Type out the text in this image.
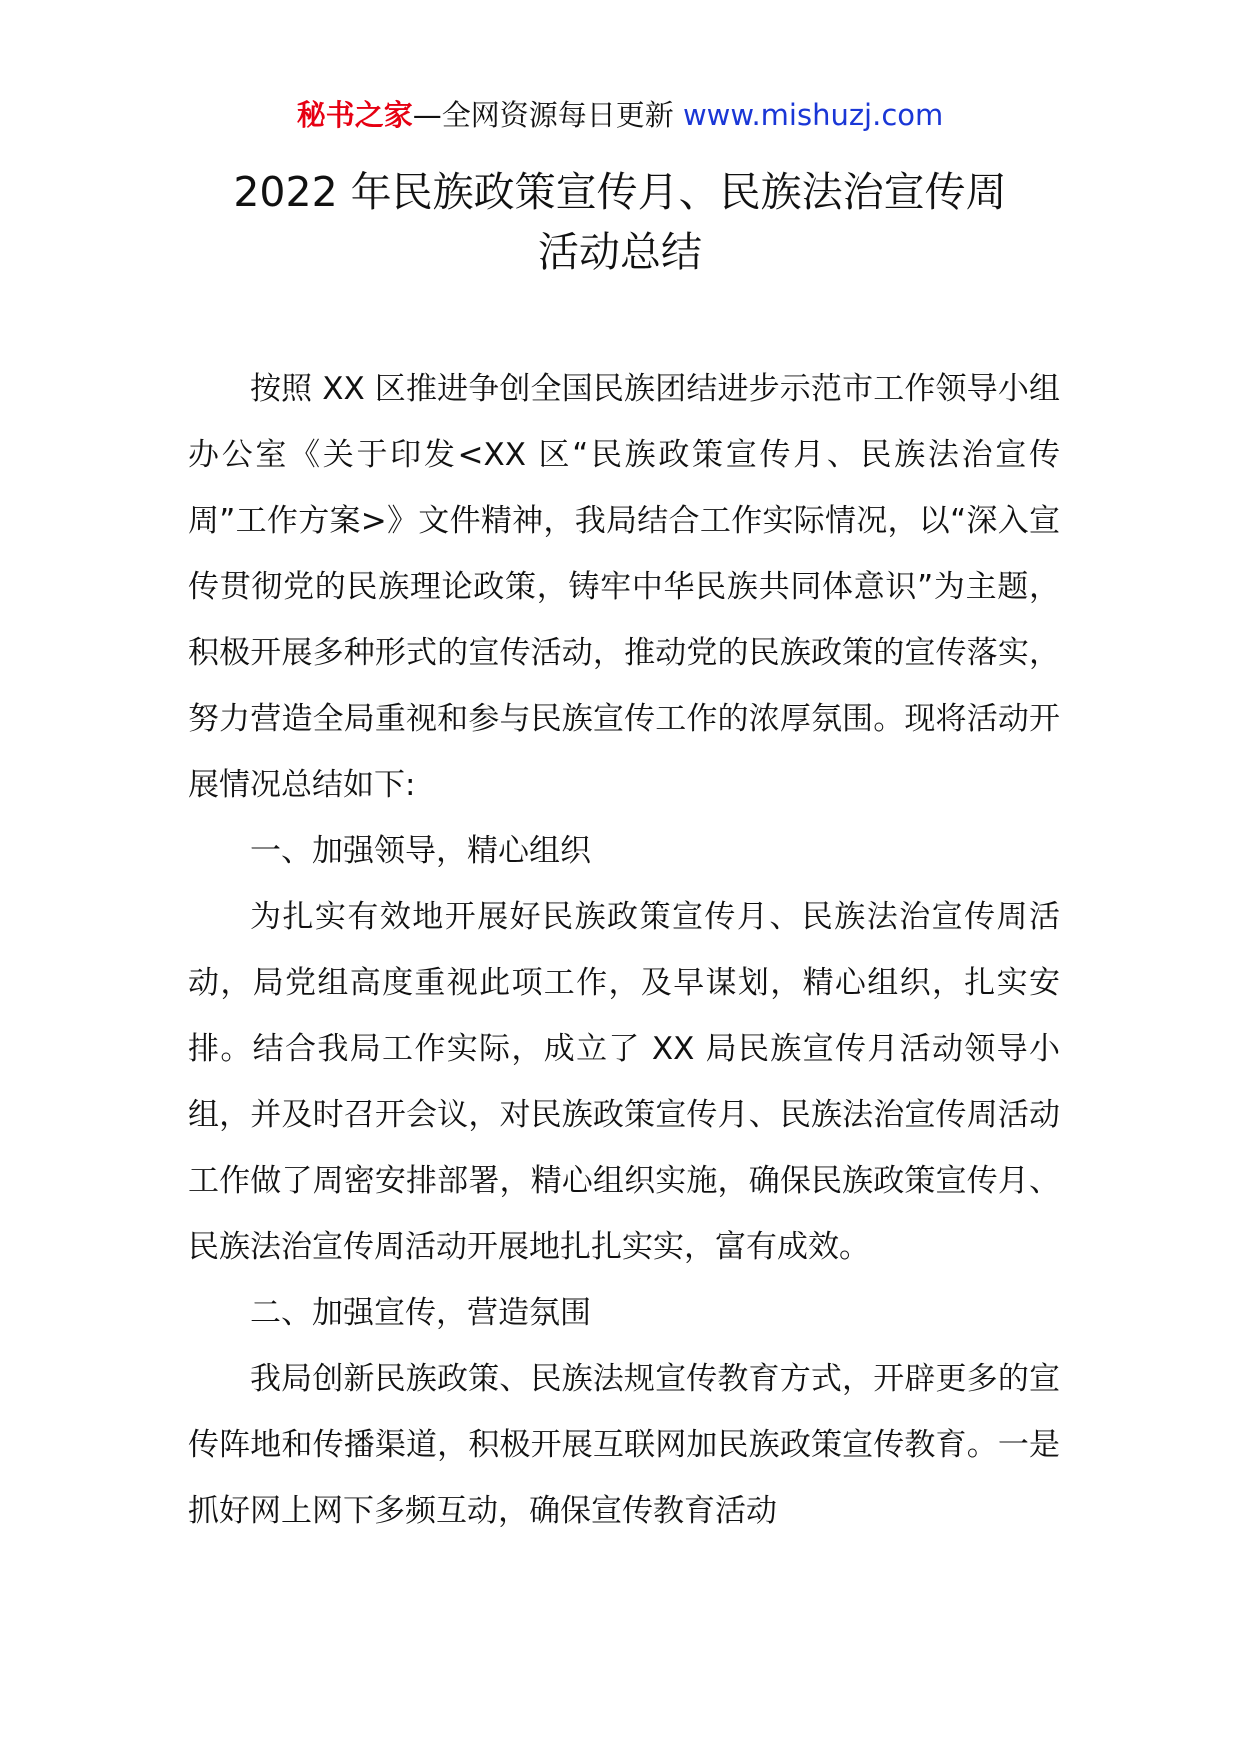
秘书之家—全网资源每日更新 www.mishuzj.com
2022 年民族政策宣传月、民族法治宣传周
活动总结

按照 XX 区推进争创全国民族团结进步示范市工作领导小组办公室《关于印发<XX 区“民族政策宣传月、民族法治宣传周”工作方案>》文件精神，我局结合工作实际情况，以“深入宣传贯彻党的民族理论政策，铸牢中华民族共同体意识”为主题，积极开展多种形式的宣传活动，推动党的民族政策的宣传落实，努力营造全局重视和参与民族宣传工作的浓厚氛围。现将活动开展情况总结如下:

一、加强领导，精心组织

为扎实有效地开展好民族政策宣传月、民族法治宣传周活动，局党组高度重视此项工作，及早谋划，精心组织，扎实安排。结合我局工作实际，成立了 XX 局民族宣传月活动领导小组，并及时召开会议，对民族政策宣传月、民族法治宣传周活动工作做了周密安排部署，精心组织实施，确保民族政策宣传月、民族法治宣传周活动开展地扎扎实实，富有成效。

二、加强宣传，营造氛围

我局创新民族政策、民族法规宣传教育方式，开辟更多的宣传阵地和传播渠道，积极开展互联网加民族政策宣传教育。一是抓好网上网下多频互动，确保宣传教育活动
